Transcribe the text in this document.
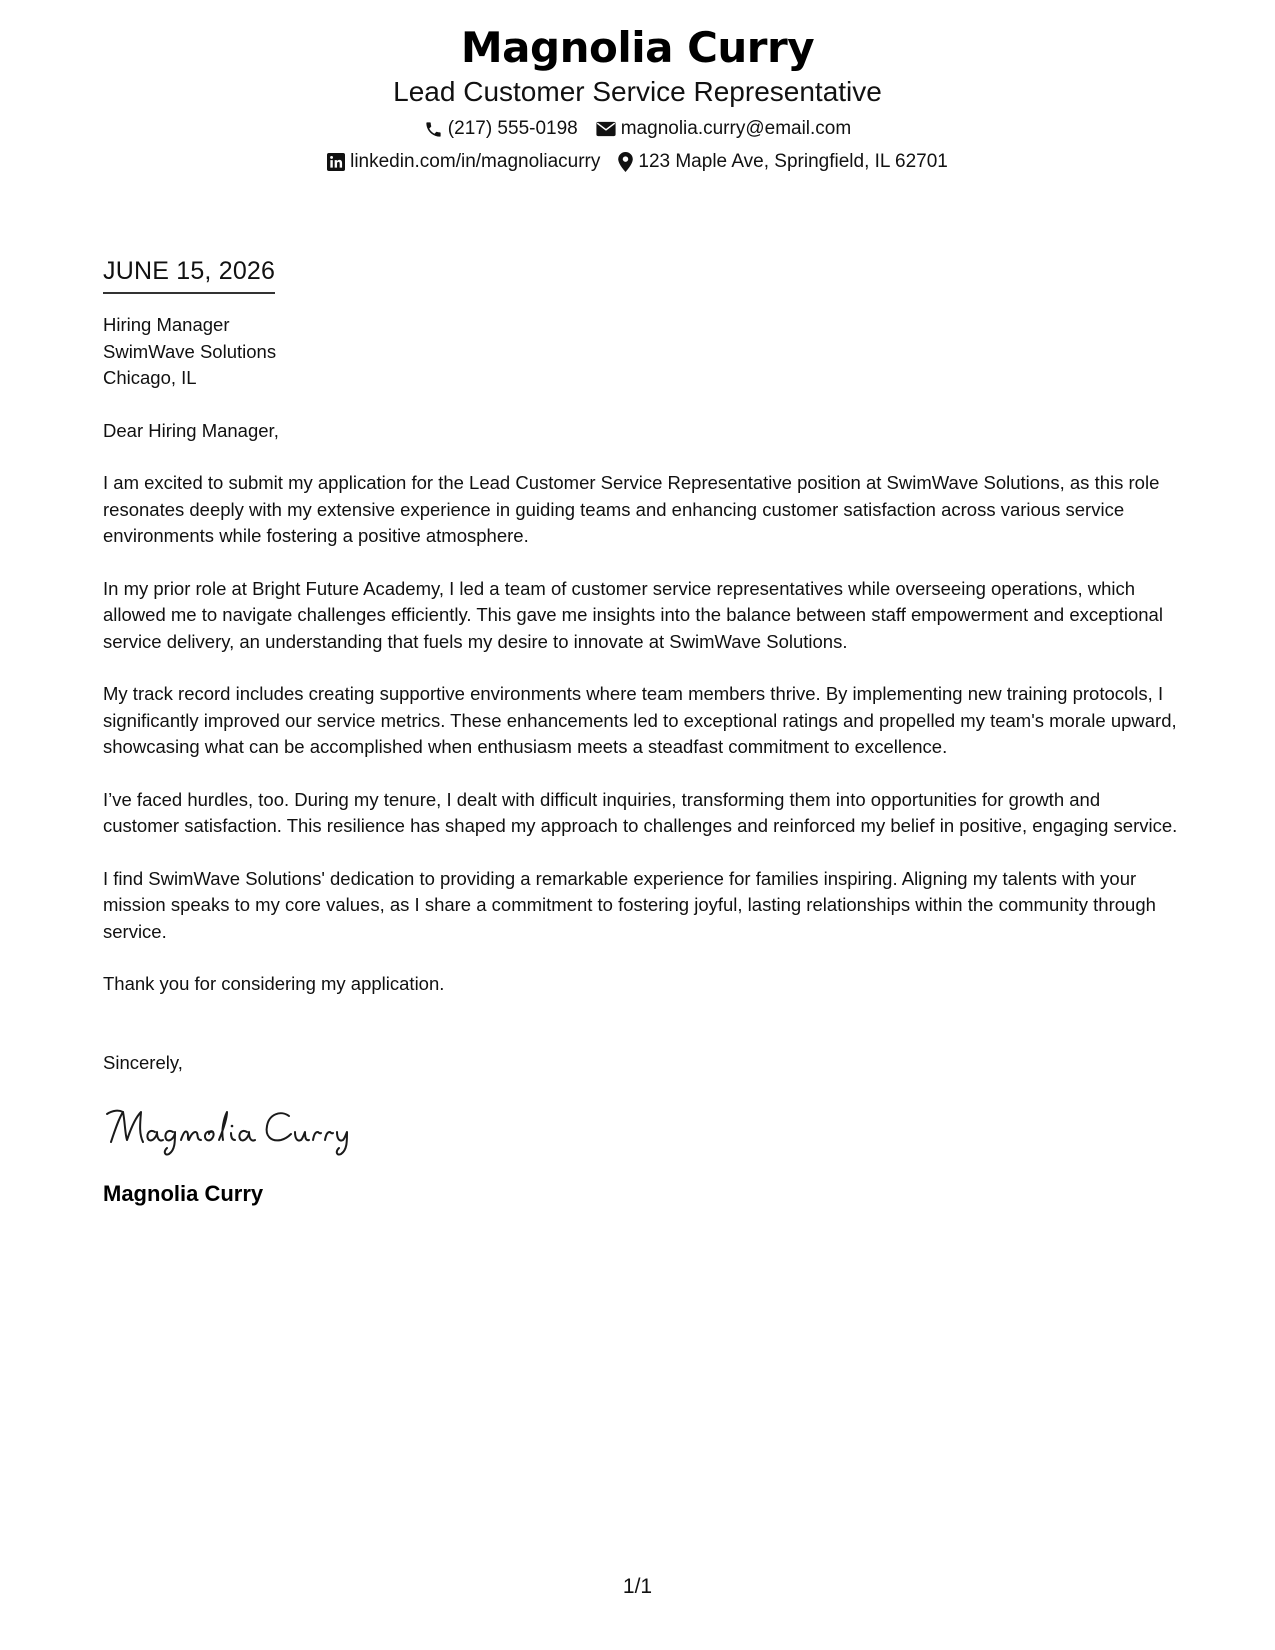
Magnolia Curry
Lead Customer Service Representative
(217) 555-0198 magnolia.curry@email.com
linkedin.com/in/magnoliacurry 123 Maple Ave, Springfield, IL 62701
JUNE 15, 2026
Hiring Manager
SwimWave Solutions
Chicago, IL
Dear Hiring Manager,
I am excited to submit my application for the Lead Customer Service Representative position at SwimWave Solutions, as this role resonates deeply with my extensive experience in guiding teams and enhancing customer satisfaction across various service environments while fostering a positive atmosphere.
In my prior role at Bright Future Academy, I led a team of customer service representatives while overseeing operations, which allowed me to navigate challenges efficiently. This gave me insights into the balance between staff empowerment and exceptional service delivery, an understanding that fuels my desire to innovate at SwimWave Solutions.
My track record includes creating supportive environments where team members thrive. By implementing new training protocols, I significantly improved our service metrics. These enhancements led to exceptional ratings and propelled my team's morale upward, showcasing what can be accomplished when enthusiasm meets a steadfast commitment to excellence.
I’ve faced hurdles, too. During my tenure, I dealt with difficult inquiries, transforming them into opportunities for growth and customer satisfaction. This resilience has shaped my approach to challenges and reinforced my belief in positive, engaging service.
I find SwimWave Solutions' dedication to providing a remarkable experience for families inspiring. Aligning my talents with your mission speaks to my core values, as I share a commitment to fostering joyful, lasting relationships within the community through service.
Thank you for considering my application.
Sincerely,
Magnolia Curry
1/1
